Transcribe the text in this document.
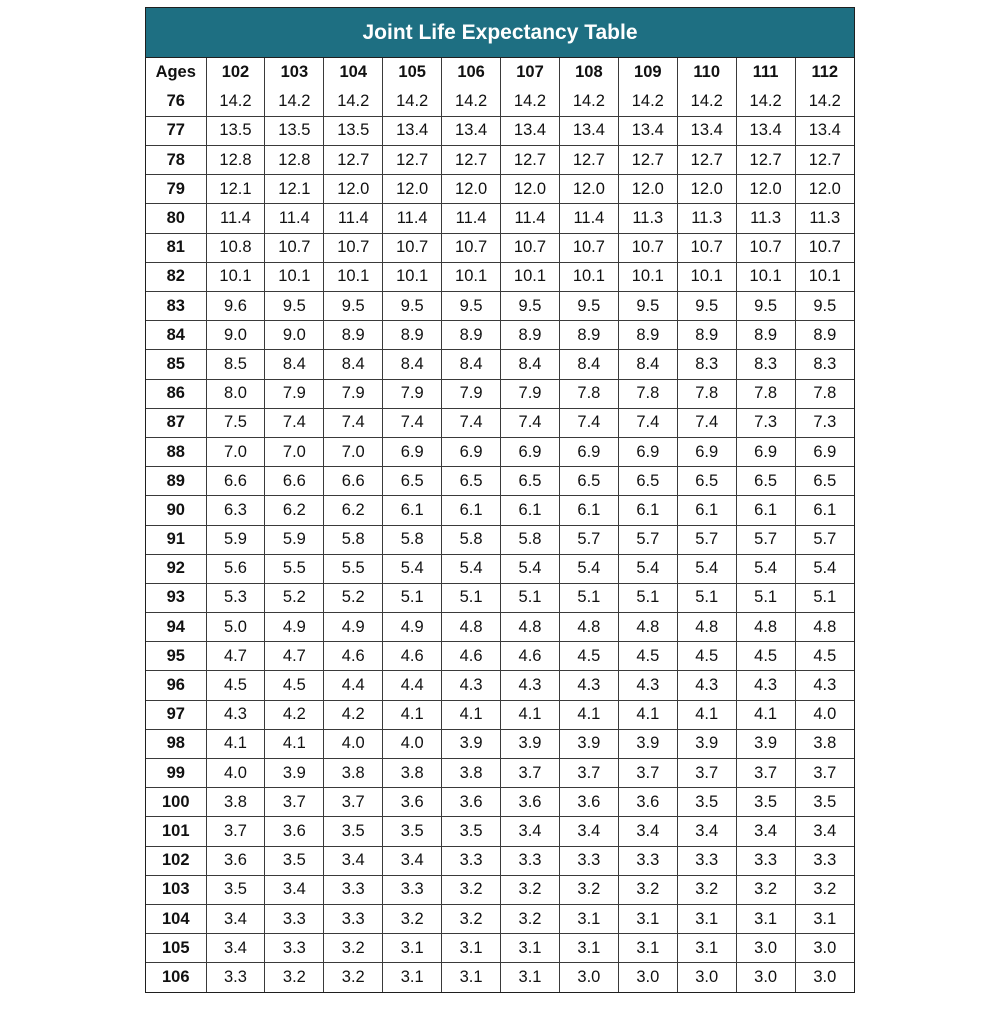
Joint Life Expectancy Table
Ages	102	103	104	105	106	107	108	109	110	111	112
76	14.2	14.2	14.2	14.2	14.2	14.2	14.2	14.2	14.2	14.2	14.2
77	13.5	13.5	13.5	13.4	13.4	13.4	13.4	13.4	13.4	13.4	13.4
78	12.8	12.8	12.7	12.7	12.7	12.7	12.7	12.7	12.7	12.7	12.7
79	12.1	12.1	12.0	12.0	12.0	12.0	12.0	12.0	12.0	12.0	12.0
80	11.4	11.4	11.4	11.4	11.4	11.4	11.4	11.3	11.3	11.3	11.3
81	10.8	10.7	10.7	10.7	10.7	10.7	10.7	10.7	10.7	10.7	10.7
82	10.1	10.1	10.1	10.1	10.1	10.1	10.1	10.1	10.1	10.1	10.1
83	9.6	9.5	9.5	9.5	9.5	9.5	9.5	9.5	9.5	9.5	9.5
84	9.0	9.0	8.9	8.9	8.9	8.9	8.9	8.9	8.9	8.9	8.9
85	8.5	8.4	8.4	8.4	8.4	8.4	8.4	8.4	8.3	8.3	8.3
86	8.0	7.9	7.9	7.9	7.9	7.9	7.8	7.8	7.8	7.8	7.8
87	7.5	7.4	7.4	7.4	7.4	7.4	7.4	7.4	7.4	7.3	7.3
88	7.0	7.0	7.0	6.9	6.9	6.9	6.9	6.9	6.9	6.9	6.9
89	6.6	6.6	6.6	6.5	6.5	6.5	6.5	6.5	6.5	6.5	6.5
90	6.3	6.2	6.2	6.1	6.1	6.1	6.1	6.1	6.1	6.1	6.1
91	5.9	5.9	5.8	5.8	5.8	5.8	5.7	5.7	5.7	5.7	5.7
92	5.6	5.5	5.5	5.4	5.4	5.4	5.4	5.4	5.4	5.4	5.4
93	5.3	5.2	5.2	5.1	5.1	5.1	5.1	5.1	5.1	5.1	5.1
94	5.0	4.9	4.9	4.9	4.8	4.8	4.8	4.8	4.8	4.8	4.8
95	4.7	4.7	4.6	4.6	4.6	4.6	4.5	4.5	4.5	4.5	4.5
96	4.5	4.5	4.4	4.4	4.3	4.3	4.3	4.3	4.3	4.3	4.3
97	4.3	4.2	4.2	4.1	4.1	4.1	4.1	4.1	4.1	4.1	4.0
98	4.1	4.1	4.0	4.0	3.9	3.9	3.9	3.9	3.9	3.9	3.8
99	4.0	3.9	3.8	3.8	3.8	3.7	3.7	3.7	3.7	3.7	3.7
100	3.8	3.7	3.7	3.6	3.6	3.6	3.6	3.6	3.5	3.5	3.5
101	3.7	3.6	3.5	3.5	3.5	3.4	3.4	3.4	3.4	3.4	3.4
102	3.6	3.5	3.4	3.4	3.3	3.3	3.3	3.3	3.3	3.3	3.3
103	3.5	3.4	3.3	3.3	3.2	3.2	3.2	3.2	3.2	3.2	3.2
104	3.4	3.3	3.3	3.2	3.2	3.2	3.1	3.1	3.1	3.1	3.1
105	3.4	3.3	3.2	3.1	3.1	3.1	3.1	3.1	3.1	3.0	3.0
106	3.3	3.2	3.2	3.1	3.1	3.1	3.0	3.0	3.0	3.0	3.0
